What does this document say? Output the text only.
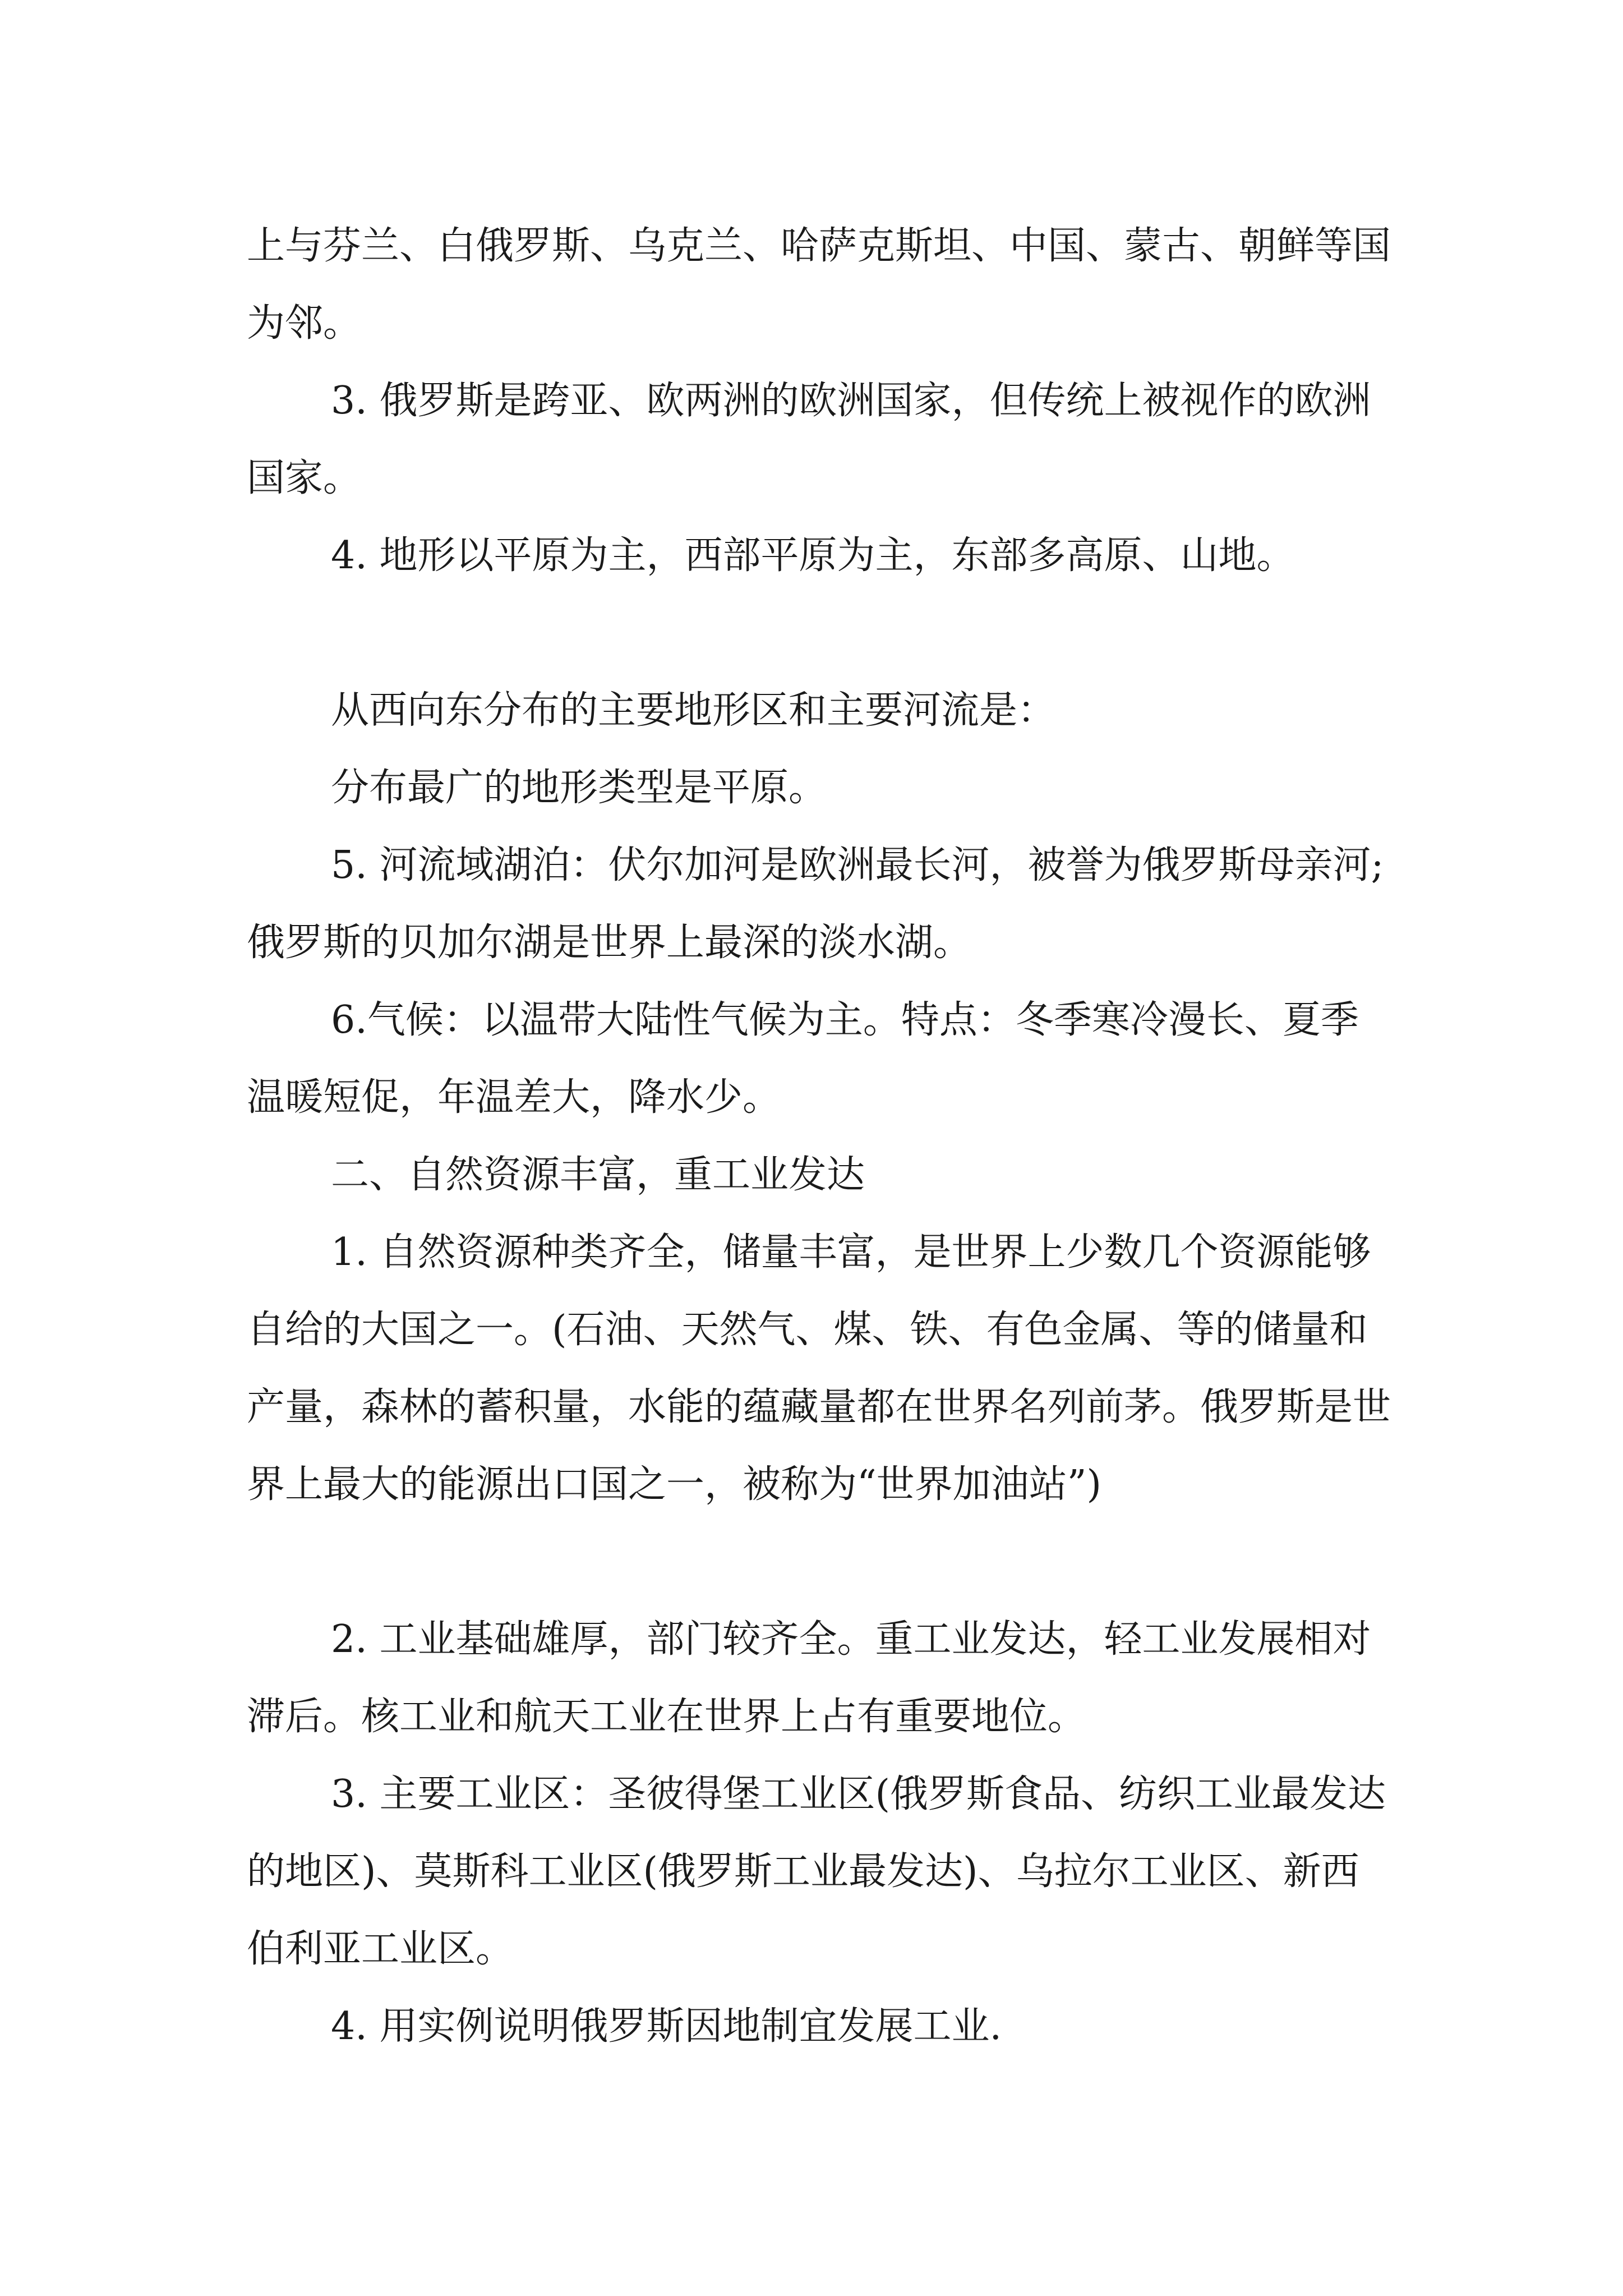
上与芬兰、白俄罗斯、乌克兰、哈萨克斯坦、中国、蒙古、朝鲜等国为邻。

3. 俄罗斯是跨亚、欧两洲的欧洲国家，但传统上被视作的欧洲国家。

4. 地形以平原为主，西部平原为主，东部多高原、山地。

从西向东分布的主要地形区和主要河流是：

分布最广的地形类型是平原。

5. 河流域湖泊：伏尔加河是欧洲最长河，被誉为俄罗斯母亲河;俄罗斯的贝加尔湖是世界上最深的淡水湖。

6.气候：以温带大陆性气候为主。特点：冬季寒冷漫长、夏季温暖短促，年温差大，降水少。

二、自然资源丰富，重工业发达

1. 自然资源种类齐全，储量丰富，是世界上少数几个资源能够自给的大国之一。(石油、天然气、煤、铁、有色金属、等的储量和产量，森林的蓄积量，水能的蕴藏量都在世界名列前茅。俄罗斯是世界上最大的能源出口国之一，被称为“世界加油站”)

2. 工业基础雄厚，部门较齐全。重工业发达，轻工业发展相对滞后。核工业和航天工业在世界上占有重要地位。

3. 主要工业区：圣彼得堡工业区(俄罗斯食品、纺织工业最发达的地区)、莫斯科工业区(俄罗斯工业最发达)、乌拉尔工业区、新西伯利亚工业区。

4. 用实例说明俄罗斯因地制宜发展工业.
